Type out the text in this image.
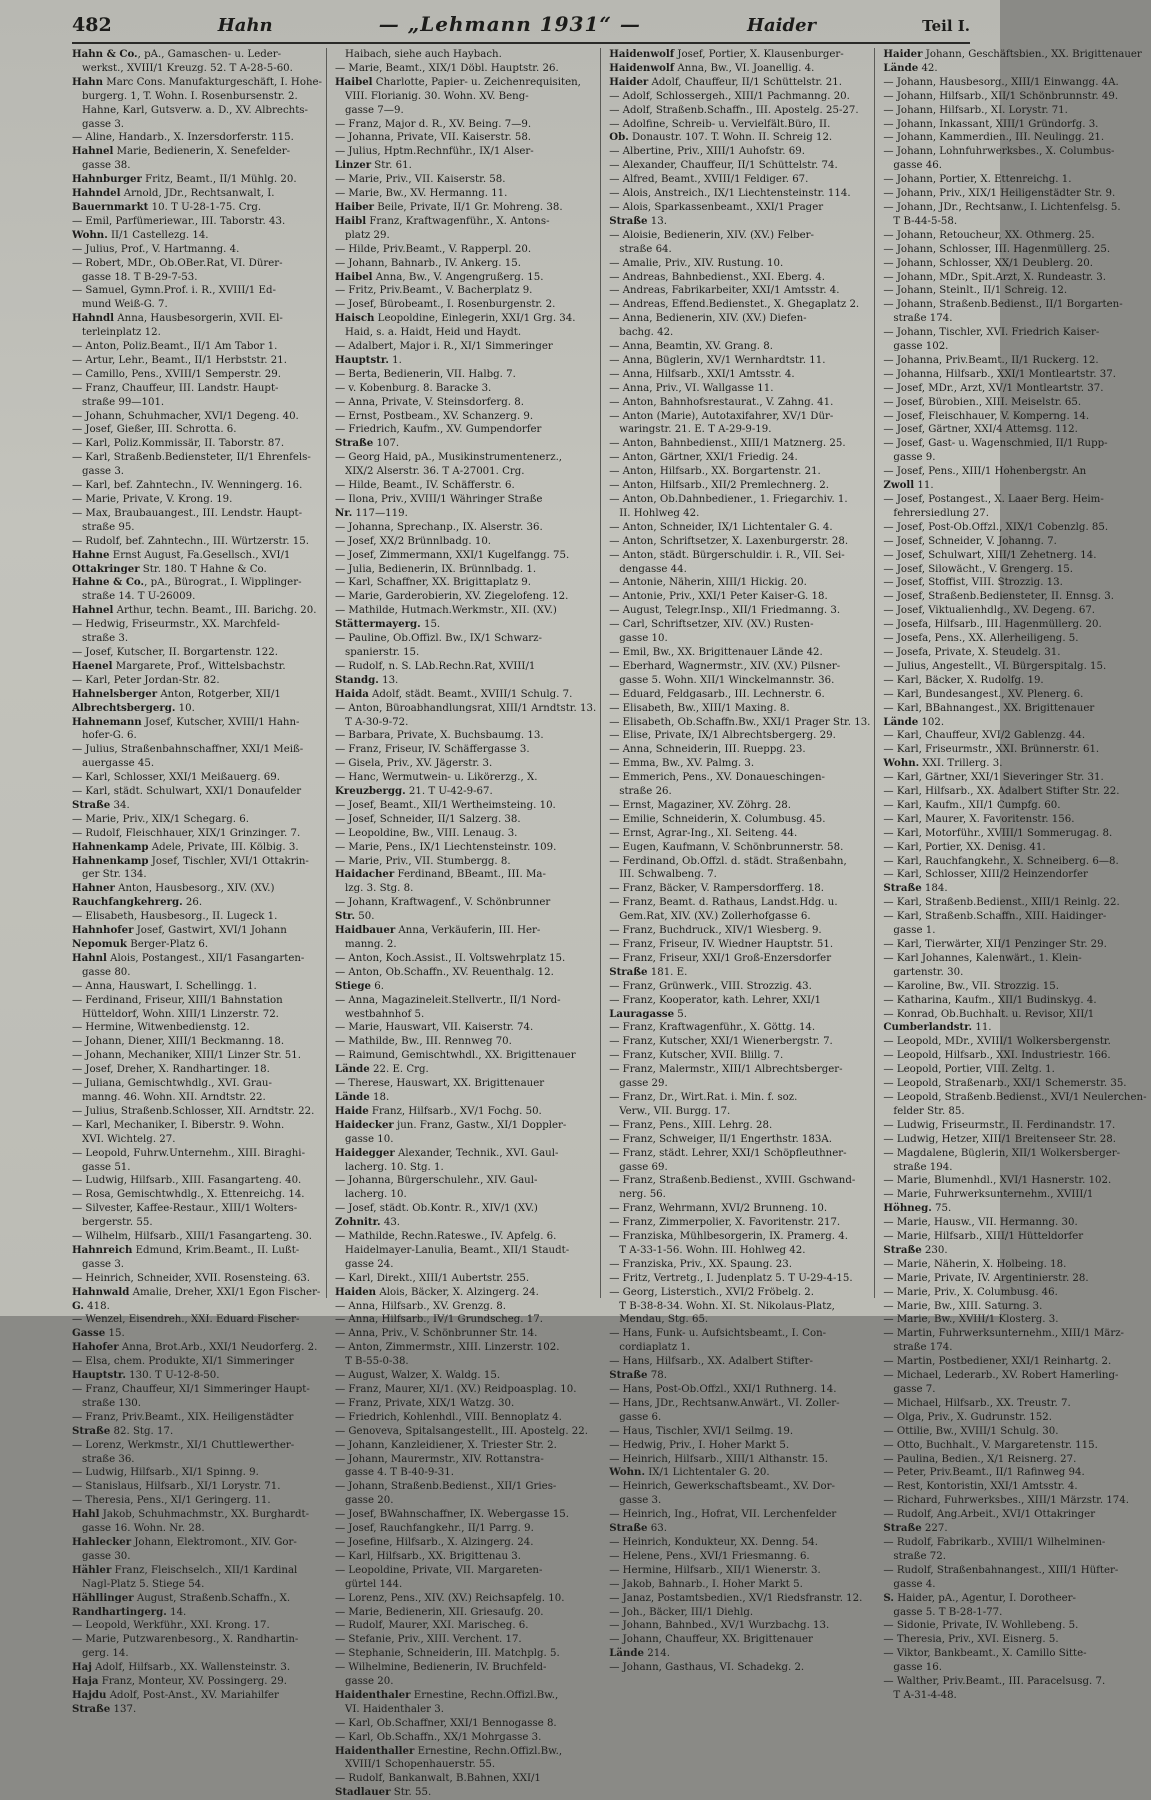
482	Hahn	— „Lehmann 1931“ —	Haider	Teil I.
Hahn & Co., pA., Gamaschen- u. Leder-
werkst., XVIII/1 Kreuzg. 52. T A-28-5-60.
Hahn Marc Cons. Manufakturgeschäft, I. Hohe-
burgerg. 1, T. Wohn. I. Rosenbursenstr. 2.
Hahne, Karl, Gutsverw. a. D., XV. Albrechts-
gasse 3.
— Aline, Handarb., X. Inzersdorferstr. 115.
Hahnel Marie, Bedienerin, X. Senefelder-
gasse 38.
Hahnburger Fritz, Beamt., II/1 Mühlg. 20.
Hahndel Arnold, JDr., Rechtsanwalt, I.
Bauernmarkt 10. T U-28-1-75. Crg.
— Emil, Parfümeriewar., III. Taborstr. 43.
Wohn. II/1 Castellezg. 14.
— Julius, Prof., V. Hartmanng. 4.
— Robert, MDr., Ob.OBer.Rat, VI. Dürer-
gasse 18. T B-29-7-53.
— Samuel, Gymn.Prof. i. R., XVIII/1 Ed-
mund Weiß-G. 7.
Hahndl Anna, Hausbesorgerin, XVII. El-
terleinplatz 12.
— Anton, Poliz.Beamt., II/1 Am Tabor 1.
— Artur, Lehr., Beamt., II/1 Herbststr. 21.
— Camillo, Pens., XVIII/1 Semperstr. 29.
— Franz, Chauffeur, III. Landstr. Haupt-
straße 99—101.
— Johann, Schuhmacher, XVI/1 Degeng. 40.
— Josef, Gießer, III. Schrotta. 6.
— Karl, Poliz.Kommissär, II. Taborstr. 87.
— Karl, Straßenb.Bediensteter, II/1 Ehrenfels-
gasse 3.
— Karl, bef. Zahntechn., IV. Wenningerg. 16.
— Marie, Private, V. Krong. 19.
— Max, Braubauangest., III. Lendstr. Haupt-
straße 95.
— Rudolf, bef. Zahntechn., III. Würtzerstr. 15.
Hahne Ernst August, Fa.Gesellsch., XVI/1
Ottakringer Str. 180. T Hahne & Co.
Hahne & Co., pA., Bürograt., I. Wipplinger-
straße 14. T U-26009.
Hahnel Arthur, techn. Beamt., III. Barichg. 20.
— Hedwig, Friseurmstr., XX. Marchfeld-
straße 3.
— Josef, Kutscher, II. Borgartenstr. 122.
Haenel Margarete, Prof., Wittelsbachstr.
— Karl, Peter Jordan-Str. 82.
Hahnelsberger Anton, Rotgerber, XII/1
Albrechtsbergerg. 10.
Hahnemann Josef, Kutscher, XVIII/1 Hahn-
hofer-G. 6.
— Julius, Straßenbahnschaffner, XXI/1 Meiß-
auergasse 45.
— Karl, Schlosser, XXI/1 Meißauerg. 69.
— Karl, städt. Schulwart, XXI/1 Donaufelder
Straße 34.
— Marie, Priv., XIX/1 Schegarg. 6.
— Rudolf, Fleischhauer, XIX/1 Grinzinger. 7.
Hahnenkamp Adele, Private, III. Kölbig. 3.
Hahnenkamp Josef, Tischler, XVI/1 Ottakrin-
ger Str. 134.
Hahner Anton, Hausbesorg., XIV. (XV.)
Rauchfangkehrerg. 26.
— Elisabeth, Hausbesorg., II. Lugeck 1.
Hahnhofer Josef, Gastwirt, XVI/1 Johann
Nepomuk Berger-Platz 6.
Hahnl Alois, Postangest., XII/1 Fasangarten-
gasse 80.
— Anna, Hauswart, I. Schellingg. 1.
— Ferdinand, Friseur, XIII/1 Bahnstation
Hütteldorf, Wohn. XIII/1 Linzerstr. 72.
— Hermine, Witwenbedienstg. 12.
— Johann, Diener, XIII/1 Beckmanng. 18.
— Johann, Mechaniker, XIII/1 Linzer Str. 51.
— Josef, Dreher, X. Randhartinger. 18.
— Juliana, Gemischtwhdlg., XVI. Grau-
manng. 46. Wohn. XII. Arndtstr. 22.
— Julius, Straßenb.Schlosser, XII. Arndtstr. 22.
— Karl, Mechaniker, I. Biberstr. 9. Wohn.
XVI. Wichtelg. 27.
— Leopold, Fuhrw.Unternehm., XIII. Biraghi-
gasse 51.
— Ludwig, Hilfsarb., XIII. Fasangarteng. 40.
— Rosa, Gemischtwhdlg., X. Ettenreichg. 14.
— Silvester, Kaffee-Restaur., XIII/1 Wolters-
bergerstr. 55.
— Wilhelm, Hilfsarb., XIII/1 Fasangarteng. 30.
Hahnreich Edmund, Krim.Beamt., II. Lußt-
gasse 3.
— Heinrich, Schneider, XVII. Rosensteing. 63.
Hahnwald Amalie, Dreher, XXI/1 Egon Fischer-
G. 418.
— Wenzel, Eisendreh., XXI. Eduard Fischer-
Gasse 15.
Hahofer Anna, Brot.Arb., XXI/1 Neudorferg. 2.
— Elsa, chem. Produkte, XI/1 Simmeringer
Hauptstr. 130. T U-12-8-50.
— Franz, Chauffeur, XI/1 Simmeringer Haupt-
straße 130.
— Franz, Priv.Beamt., XIX. Heiligenstädter
Straße 82. Stg. 17.
— Lorenz, Werkmstr., XI/1 Chuttlewerther-
straße 36.
— Ludwig, Hilfsarb., XI/1 Spinng. 9.
— Stanislaus, Hilfsarb., XI/1 Lorystr. 71.
— Theresia, Pens., XI/1 Geringerg. 11.
Hahl Jakob, Schuhmachmstr., XX. Burghardt-
gasse 16. Wohn. Nr. 28.
Hahlecker Johann, Elektromont., XIV. Gor-
gasse 30.
Hähler Franz, Fleischselch., XII/1 Kardinal
Nagl-Platz 5. Stiege 54.
Hähllinger August, Straßenb.Schaffn., X.
Randhartingerg. 14.
— Leopold, Werkführ., XXI. Krong. 17.
— Marie, Putzwarenbesorg., X. Randhartin-
gerg. 14.
Haj Adolf, Hilfsarb., XX. Wallensteinstr. 3.
Haja Franz, Monteur, XV. Possingerg. 29.
Hajdu Adolf, Post-Anst., XV. Mariahilfer
Straße 137.
Haibach, siehe auch Haybach.
— Marie, Beamt., XIX/1 Döbl. Hauptstr. 26.
Haibel Charlotte, Papier- u. Zeichenrequisiten,
VIII. Florianig. 30. Wohn. XV. Beng-
gasse 7—9.
— Franz, Major d. R., XV. Being. 7—9.
— Johanna, Private, VII. Kaiserstr. 58.
— Julius, Hptm.Rechnführ., IX/1 Alser-
Linzer Str. 61.
— Marie, Priv., VII. Kaiserstr. 58.
— Marie, Bw., XV. Hermanng. 11.
Haiber Beile, Private, II/1 Gr. Mohreng. 38.
Haibl Franz, Kraftwagenführ., X. Antons-
platz 29.
— Hilde, Priv.Beamt., V. Rapperpl. 20.
— Johann, Bahnarb., IV. Ankerg. 15.
Haibel Anna, Bw., V. Angengrußerg. 15.
— Fritz, Priv.Beamt., V. Bacherplatz 9.
— Josef, Bürobeamt., I. Rosenburgenstr. 2.
Haisch Leopoldine, Einlegerin, XXI/1 Grg. 34.
Haid, s. a. Haidt, Heid und Haydt.
— Adalbert, Major i. R., XI/1 Simmeringer
Hauptstr. 1.
— Berta, Bedienerin, VII. Halbg. 7.
— v. Kobenburg. 8. Baracke 3.
— Anna, Private, V. Steinsdorferg. 8.
— Ernst, Postbeam., XV. Schanzerg. 9.
— Friedrich, Kaufm., XV. Gumpendorfer
Straße 107.
— Georg Haid, pA., Musikinstrumentenerz.,
XIX/2 Alserstr. 36. T A-27001. Crg.
— Hilde, Beamt., IV. Schäfferstr. 6.
— Ilona, Priv., XVIII/1 Währinger Straße
Nr. 117—119.
— Johanna, Sprechanp., IX. Alserstr. 36.
— Josef, XX/2 Brünnlbadg. 10.
— Josef, Zimmermann, XXI/1 Kugelfangg. 75.
— Julia, Bedienerin, IX. Brünnlbadg. 1.
— Karl, Schaffner, XX. Brigittaplatz 9.
— Marie, Garderobierin, XV. Ziegelofeng. 12.
— Mathilde, Hutmach.Werkmstr., XII. (XV.)
Stättermayerg. 15.
— Pauline, Ob.Offizl. Bw., IX/1 Schwarz-
spanierstr. 15.
— Rudolf, n. S. LAb.Rechn.Rat, XVIII/1
Standg. 13.
Haida Adolf, städt. Beamt., XVIII/1 Schulg. 7.
— Anton, Büroabhandlungsrat, XIII/1 Arndtstr. 13.
T A-30-9-72.
— Barbara, Private, X. Buchsbaumg. 13.
— Franz, Friseur, IV. Schäffergasse 3.
— Gisela, Priv., XV. Jägerstr. 3.
— Hanc, Wermutwein- u. Likörerzg., X.
Kreuzbergg. 21. T U-42-9-67.
— Josef, Beamt., XII/1 Wertheimsteing. 10.
— Josef, Schneider, II/1 Salzerg. 38.
— Leopoldine, Bw., VIII. Lenaug. 3.
— Marie, Pens., IX/1 Liechtensteinstr. 109.
— Marie, Priv., VII. Stumbergg. 8.
Haidacher Ferdinand, BBeamt., III. Ma-
lzg. 3. Stg. 8.
— Johann, Kraftwagenf., V. Schönbrunner
Str. 50.
Haidbauer Anna, Verkäuferin, III. Her-
manng. 2.
— Anton, Koch.Assist., II. Voltswehrplatz 15.
— Anton, Ob.Schaffn., XV. Reuenthalg. 12.
Stiege 6.
— Anna, Magazineleit.Stellvertr., II/1 Nord-
westbahnhof 5.
— Marie, Hauswart, VII. Kaiserstr. 74.
— Mathilde, Bw., III. Rennweg 70.
— Raimund, Gemischtwhdl., XX. Brigittenauer
Lände 22. E. Crg.
— Therese, Hauswart, XX. Brigittenauer
Lände 18.
Haide Franz, Hilfsarb., XV/1 Fochg. 50.
Haidecker jun. Franz, Gastw., XI/1 Doppler-
gasse 10.
Haidegger Alexander, Technik., XVI. Gaul-
lacherg. 10. Stg. 1.
— Johanna, Bürgerschulehr., XIV. Gaul-
lacherg. 10.
— Josef, städt. Ob.Kontr. R., XIV/1 (XV.)
Zohnitr. 43.
— Mathilde, Rechn.Rateswe., IV. Apfelg. 6.
Haidelmayer-Lanulia, Beamt., XII/1 Staudt-
gasse 24.
— Karl, Direkt., XIII/1 Aubertstr. 255.
Haiden Alois, Bäcker, X. Alzingerg. 24.
— Anna, Hilfsarb., XV. Grenzg. 8.
— Anna, Hilfsarb., IV/1 Grundscheg. 17.
— Anna, Priv., V. Schönbrunner Str. 14.
— Anton, Zimmermstr., XIII. Linzerstr. 102.
T B-55-0-38.
— August, Walzer, X. Waldg. 15.
— Franz, Maurer, XI/1. (XV.) Reidpoasplag. 10.
— Franz, Private, XIX/1 Watzg. 30.
— Friedrich, Kohlenhdl., VIII. Bennoplatz 4.
— Genoveva, Spitalsangestellt., III. Apostelg. 22.
— Johann, Kanzleidiener, X. Triester Str. 2.
— Johann, Maurermstr., XIV. Rottanstra-
gasse 4. T B-40-9-31.
— Johann, Straßenb.Bedienst., XII/1 Gries-
gasse 20.
— Josef, BWahnschaffner, IX. Webergasse 15.
— Josef, Rauchfangkehr., II/1 Parrg. 9.
— Josefine, Hilfsarb., X. Alzingerg. 24.
— Karl, Hilfsarb., XX. Brigittenau 3.
— Leopoldine, Private, VII. Margareten-
gürtel 144.
— Lorenz, Pens., XIV. (XV.) Reichsapfelg. 10.
— Marie, Bedienerin, XII. Griesaufg. 20.
— Rudolf, Maurer, XXI. Marischeg. 6.
— Stefanie, Priv., XIII. Verchent. 17.
— Stephanie, Schneiderin, III. Matchplg. 5.
— Wilhelmine, Bedienerin, IV. Bruchfeld-
gasse 20.
Haidenthaler Ernestine, Rechn.Offizl.Bw.,
VI. Haidenthaler 3.
— Karl, Ob.Schaffner, XXI/1 Bennogasse 8.
— Karl, Ob.Schaffn., XX/1 Mohrgasse 3.
Haidenthaller Ernestine, Rechn.Offizl.Bw.,
XVIII/1 Schopenhauerstr. 55.
— Rudolf, Bankanwalt, B.Bahnen, XXI/1
Stadlauer Str. 55.
Haidenwolf Josef, Portier, X. Klausenburger-
Haidenwolf Anna, Bw., VI. Joanellig. 4.
Haider Adolf, Chauffeur, II/1 Schüttelstr. 21.
— Adolf, Schlossergeh., XIII/1 Pachmanng. 20.
— Adolf, Straßenb.Schaffn., III. Apostelg. 25-27.
— Adolfine, Schreib- u. Vervielfält.Büro, II.
Ob. Donaustr. 107. T. Wohn. II. Schreig 12.
— Albertine, Priv., XIII/1 Auhofstr. 69.
— Alexander, Chauffeur, II/1 Schüttelstr. 74.
— Alfred, Beamt., XVIII/1 Feldiger. 67.
— Alois, Anstreich., IX/1 Liechtensteinstr. 114.
— Alois, Sparkassenbeamt., XXI/1 Prager
Straße 13.
— Aloisie, Bedienerin, XIV. (XV.) Felber-
straße 64.
— Amalie, Priv., XIV. Rustung. 10.
— Andreas, Bahnbedienst., XXI. Eberg. 4.
— Andreas, Fabrikarbeiter, XXI/1 Amtsstr. 4.
— Andreas, Effend.Bedienstet., X. Ghegaplatz 2.
— Anna, Bedienerin, XIV. (XV.) Diefen-
bachg. 42.
— Anna, Beamtin, XV. Grang. 8.
— Anna, Büglerin, XV/1 Wernhardtstr. 11.
— Anna, Hilfsarb., XXI/1 Amtsstr. 4.
— Anna, Priv., VI. Wallgasse 11.
— Anton, Bahnhofsrestaurat., V. Zahng. 41.
— Anton (Marie), Autotaxifahrer, XV/1 Dür-
waringstr. 21. E. T A-29-9-19.
— Anton, Bahnbedienst., XIII/1 Matznerg. 25.
— Anton, Gärtner, XXI/1 Friedig. 24.
— Anton, Hilfsarb., XX. Borgartenstr. 21.
— Anton, Hilfsarb., XII/2 Premlechnerg. 2.
— Anton, Ob.Dahnbediener., 1. Friegarchiv. 1.
II. Hohlweg 42.
— Anton, Schneider, IX/1 Lichtentaler G. 4.
— Anton, Schriftsetzer, X. Laxenburgerstr. 28.
— Anton, städt. Bürgerschuldir. i. R., VII. Sei-
dengasse 44.
— Antonie, Näherin, XIII/1 Hickig. 20.
— Antonie, Priv., XXI/1 Peter Kaiser-G. 18.
— August, Telegr.Insp., XII/1 Friedmanng. 3.
— Carl, Schriftsetzer, XIV. (XV.) Rusten-
gasse 10.
— Emil, Bw., XX. Brigittenauer Lände 42.
— Eberhard, Wagnermstr., XIV. (XV.) Pilsner-
gasse 5. Wohn. XII/1 Winckelmannstr. 36.
— Eduard, Feldgasarb., III. Lechnerstr. 6.
— Elisabeth, Bw., XIII/1 Maxing. 8.
— Elisabeth, Ob.Schaffn.Bw., XXI/1 Prager Str. 13.
— Elise, Private, IX/1 Albrechtsbergerg. 29.
— Anna, Schneiderin, III. Rueppg. 23.
— Emma, Bw., XV. Palmg. 3.
— Emmerich, Pens., XV. Donaueschingen-
straße 26.
— Ernst, Magaziner, XV. Zöhrg. 28.
— Emilie, Schneiderin, X. Columbusg. 45.
— Ernst, Agrar-Ing., XI. Seiteng. 44.
— Eugen, Kaufmann, V. Schönbrunnerstr. 58.
— Ferdinand, Ob.Offzl. d. städt. Straßenbahn,
III. Schwalbeng. 7.
— Franz, Bäcker, V. Rampersdorfferg. 18.
— Franz, Beamt. d. Rathaus, Landst.Hdg. u.
Gem.Rat, XIV. (XV.) Zollerhofgasse 6.
— Franz, Buchdruck., XIV/1 Wiesberg. 9.
— Franz, Friseur, IV. Wiedner Hauptstr. 51.
— Franz, Friseur, XXI/1 Groß-Enzersdorfer
Straße 181. E.
— Franz, Grünwerk., VIII. Strozzig. 43.
— Franz, Kooperator, kath. Lehrer, XXI/1
Lauragasse 5.
— Franz, Kraftwagenführ., X. Göttg. 14.
— Franz, Kutscher, XXI/1 Wienerbergstr. 7.
— Franz, Kutscher, XVII. Blillg. 7.
— Franz, Malermstr., XIII/1 Albrechtsberger-
gasse 29.
— Franz, Dr., Wirt.Rat. i. Min. f. soz.
Verw., VII. Burgg. 17.
— Franz, Pens., XIII. Lehrg. 28.
— Franz, Schweiger, II/1 Engerthstr. 183A.
— Franz, städt. Lehrer, XXI/1 Schöpfleuthner-
gasse 69.
— Franz, Straßenb.Bedienst., XVIII. Gschwand-
nerg. 56.
— Franz, Wehrmann, XVI/2 Brunneng. 10.
— Franz, Zimmerpolier, X. Favoritenstr. 217.
— Franziska, Mühlbesorgerin, IX. Pramerg. 4.
T A-33-1-56. Wohn. III. Hohlweg 42.
— Franziska, Priv., XX. Spaung. 23.
— Fritz, Vertretg., I. Judenplatz 5. T U-29-4-15.
— Georg, Listerstich., XVI/2 Fröbelg. 2.
T B-38-8-34. Wohn. XI. St. Nikolaus-Platz,
Mendau, Stg. 65.
— Hans, Funk- u. Aufsichtsbeamt., I. Con-
cordiaplatz 1.
— Hans, Hilfsarb., XX. Adalbert Stifter-
Straße 78.
— Hans, Post-Ob.Offzl., XXI/1 Ruthnerg. 14.
— Hans, JDr., Rechtsanw.Anwärt., VI. Zoller-
gasse 6.
— Haus, Tischler, XVI/1 Seilmg. 19.
— Hedwig, Priv., I. Hoher Markt 5.
— Heinrich, Hilfsarb., XIII/1 Althanstr. 15.
Wohn. IX/1 Lichtentaler G. 20.
— Heinrich, Gewerkschaftsbeamt., XV. Dor-
gasse 3.
— Heinrich, Ing., Hofrat, VII. Lerchenfelder
Straße 63.
— Heinrich, Kondukteur, XX. Denng. 54.
— Helene, Pens., XVI/1 Friesmanng. 6.
— Hermine, Hilfsarb., XII/1 Wienerstr. 3.
— Jakob, Bahnarb., I. Hoher Markt 5.
— Janaz, Postamtsbedien., XV/1 Riedsfranstr. 12.
— Joh., Bäcker, III/1 Diehlg.
— Johann, Bahnbed., XV/1 Wurzbachg. 13.
— Johann, Chauffeur, XX. Brigittenauer
Lände 214.
— Johann, Gasthaus, VI. Schadekg. 2.
Haider Johann, Geschäftsbien., XX. Brigittenauer
Lände 42.
— Johann, Hausbesorg., XIII/1 Einwangg. 4A.
— Johann, Hilfsarb., XII/1 Schönbrunnstr. 49.
— Johann, Hilfsarb., XI. Lorystr. 71.
— Johann, Inkassant, XIII/1 Gründorfg. 3.
— Johann, Kammerdien., III. Neulingg. 21.
— Johann, Lohnfuhrwerksbes., X. Columbus-
gasse 46.
— Johann, Portier, X. Ettenreichg. 1.
— Johann, Priv., XIX/1 Heiligenstädter Str. 9.
— Johann, JDr., Rechtsanw., I. Lichtenfelsg. 5.
T B-44-5-58.
— Johann, Retoucheur, XX. Othmerg. 25.
— Johann, Schlosser, III. Hagenmüllerg. 25.
— Johann, Schlosser, XX/1 Deublerg. 20.
— Johann, MDr., Spit.Arzt, X. Rundeastr. 3.
— Johann, Steinlt., II/1 Schreig. 12.
— Johann, Straßenb.Bedienst., II/1 Borgarten-
straße 174.
— Johann, Tischler, XVI. Friedrich Kaiser-
gasse 102.
— Johanna, Priv.Beamt., II/1 Ruckerg. 12.
— Johanna, Hilfsarb., XXI/1 Montleartstr. 37.
— Josef, MDr., Arzt, XV/1 Montleartstr. 37.
— Josef, Bürobien., XIII. Meiselstr. 65.
— Josef, Fleischhauer, V. Komperng. 14.
— Josef, Gärtner, XXI/4 Attemsg. 112.
— Josef, Gast- u. Wagenschmied, II/1 Rupp-
gasse 9.
— Josef, Pens., XIII/1 Hohenbergstr. An
Zwoll 11.
— Josef, Postangest., X. Laaer Berg. Heim-
fehrersiedlung 27.
— Josef, Post-Ob.Offzl., XIX/1 Cobenzlg. 85.
— Josef, Schneider, V. Johanng. 7.
— Josef, Schulwart, XIII/1 Zehetnerg. 14.
— Josef, Silowächt., V. Grengerg. 15.
— Josef, Stoffist, VIII. Strozzig. 13.
— Josef, Straßenb.Bediensteter, II. Ennsg. 3.
— Josef, Viktualienhdlg., XV. Degeng. 67.
— Josefa, Hilfsarb., III. Hagenmüllerg. 20.
— Josefa, Pens., XX. Allerheiligeng. 5.
— Josefa, Private, X. Steudelg. 31.
— Julius, Angestellt., VI. Bürgerspitalg. 15.
— Karl, Bäcker, X. Rudolfg. 19.
— Karl, Bundesangest., XV. Plenerg. 6.
— Karl, BBahnangest., XX. Brigittenauer
Lände 102.
— Karl, Chauffeur, XVI/2 Gablenzg. 44.
— Karl, Friseurmstr., XXI. Brünnerstr. 61.
Wohn. XXI. Trillerg. 3.
— Karl, Gärtner, XXI/1 Sieveringer Str. 31.
— Karl, Hilfsarb., XX. Adalbert Stifter Str. 22.
— Karl, Kaufm., XII/1 Cumpfg. 60.
— Karl, Maurer, X. Favoritenstr. 156.
— Karl, Motorführ., XVIII/1 Sommerugag. 8.
— Karl, Portier, XX. Denisg. 41.
— Karl, Rauchfangkehr., X. Schneiberg. 6—8.
— Karl, Schlosser, XIII/2 Heinzendorfer
Straße 184.
— Karl, Straßenb.Bedienst., XIII/1 Reinlg. 22.
— Karl, Straßenb.Schaffn., XIII. Haidinger-
gasse 1.
— Karl, Tierwärter, XII/1 Penzinger Str. 29.
— Karl Johannes, Kalenwärt., 1. Klein-
gartenstr. 30.
— Karoline, Bw., VII. Strozzig. 15.
— Katharina, Kaufm., XII/1 Budinskyg. 4.
— Konrad, Ob.Buchhalt. u. Revisor, XII/1
Cumberlandstr. 11.
— Leopold, MDr., XVIII/1 Wolkersbergenstr.
— Leopold, Hilfsarb., XXI. Industriestr. 166.
— Leopold, Portier, VIII. Zeltg. 1.
— Leopold, Straßenarb., XXI/1 Schemerstr. 35.
— Leopold, Straßenb.Bedienst., XVI/1 Neulerchen-
felder Str. 85.
— Ludwig, Friseurmstr., II. Ferdinandstr. 17.
— Ludwig, Hetzer, XIII/1 Breitenseer Str. 28.
— Magdalene, Büglerin, XII/1 Wolkersberger-
straße 194.
— Marie, Blumenhdl., XVI/1 Hasnerstr. 102.
— Marie, Fuhrwerksunternehm., XVIII/1
Höhneg. 75.
— Marie, Hausw., VII. Hermanng. 30.
— Marie, Hilfsarb., XIII/1 Hütteldorfer
Straße 230.
— Marie, Näherin, X. Holbeing. 18.
— Marie, Private, IV. Argentinierstr. 28.
— Marie, Priv., X. Columbusg. 46.
— Marie, Bw., XIII. Saturng. 3.
— Marie, Bw., XVIII/1 Klosterg. 3.
— Martin, Fuhrwerksunternehm., XIII/1 März-
straße 174.
— Martin, Postbediener, XXI/1 Reinhartg. 2.
— Michael, Lederarb., XV. Robert Hamerling-
gasse 7.
— Michael, Hilfsarb., XX. Treustr. 7.
— Olga, Priv., X. Gudrunstr. 152.
— Ottilie, Bw., XVIII/1 Schulg. 30.
— Otto, Buchhalt., V. Margaretenstr. 115.
— Paulina, Bedien., X/1 Reisnerg. 27.
— Peter, Priv.Beamt., II/1 Rafinweg 94.
— Rest, Kontoristin, XXI/1 Amtsstr. 4.
— Richard, Fuhrwerksbes., XIII/1 Märzstr. 174.
— Rudolf, Ang.Arbeit., XVI/1 Ottakringer
Straße 227.
— Rudolf, Fabrikarb., XVIII/1 Wilhelminen-
straße 72.
— Rudolf, Straßenbahnangest., XIII/1 Hüfter-
gasse 4.
S. Haider, pA., Agentur, I. Dorotheer-
gasse 5. T B-28-1-77.
— Sidonie, Private, IV. Wohllebeng. 5.
— Theresia, Priv., XVI. Eisnerg. 5.
— Viktor, Bankbeamt., X. Camillo Sitte-
gasse 16.
— Walther, Priv.Beamt., III. Paracelsusg. 7.
T A-31-4-48.
